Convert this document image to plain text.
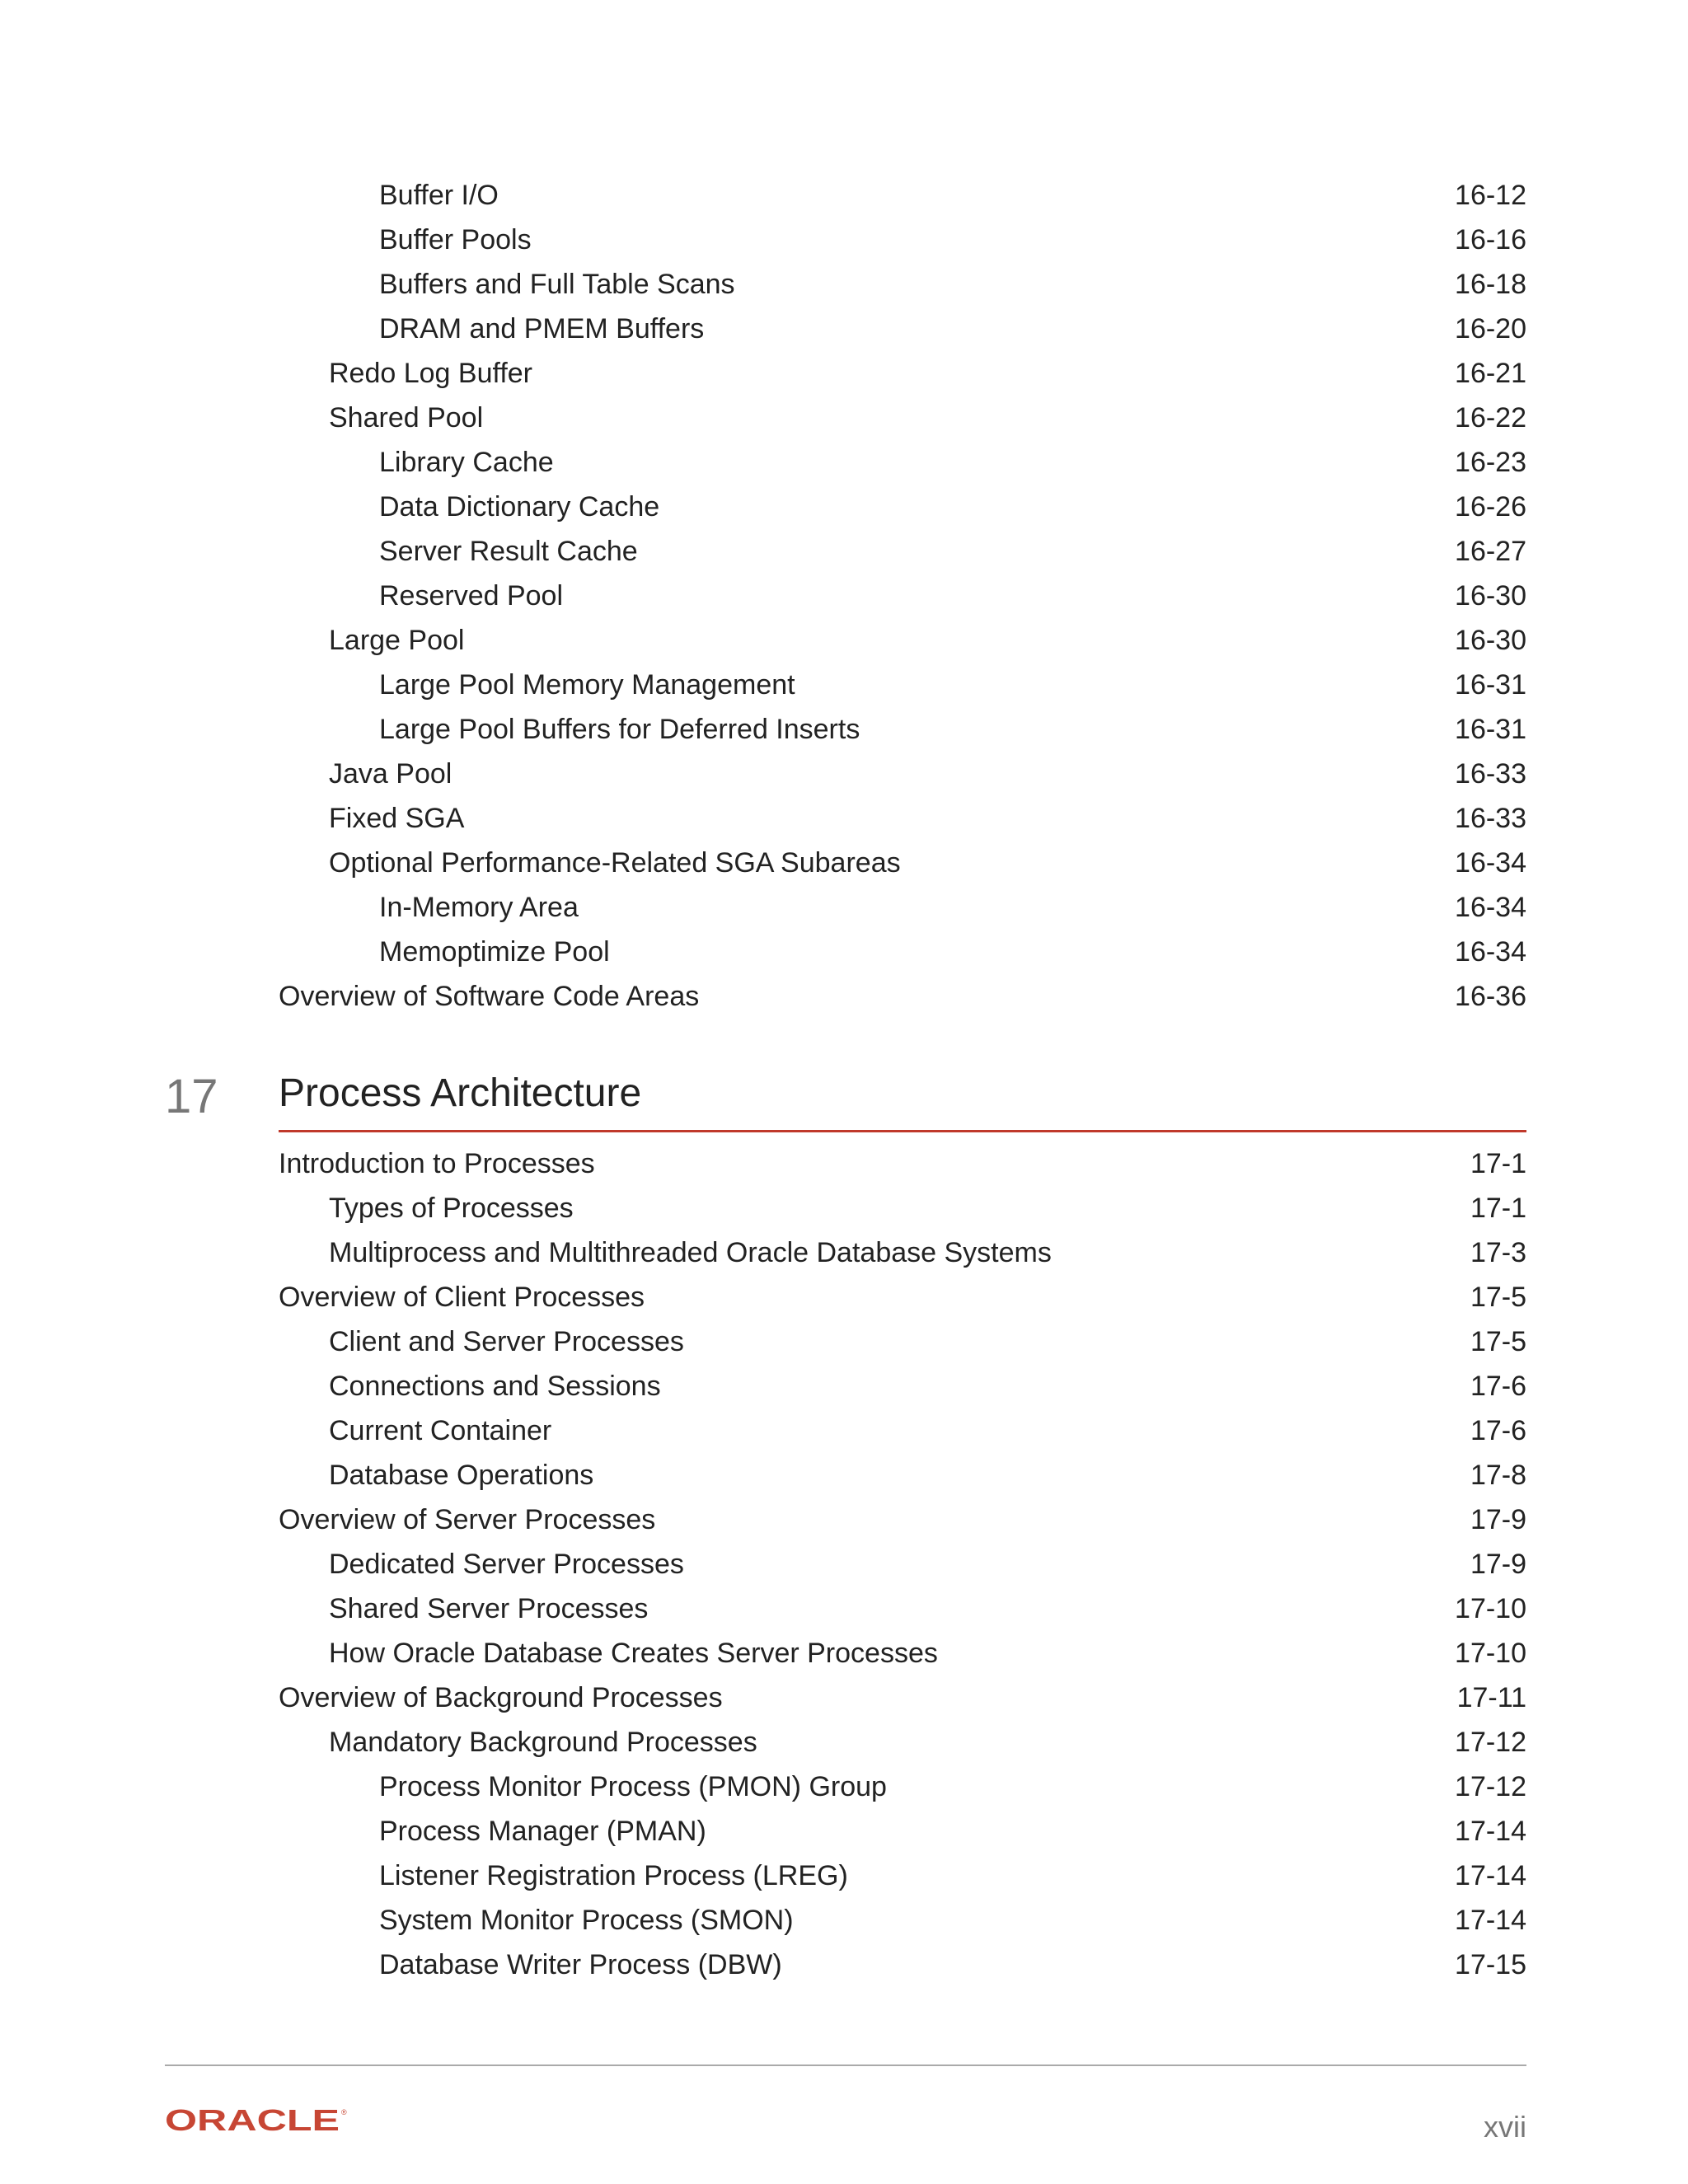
Buffer I/O	16-12
Buffer Pools	16-16
Buffers and Full Table Scans	16-18
DRAM and PMEM Buffers	16-20
Redo Log Buffer	16-21
Shared Pool	16-22
Library Cache	16-23
Data Dictionary Cache	16-26
Server Result Cache	16-27
Reserved Pool	16-30
Large Pool	16-30
Large Pool Memory Management	16-31
Large Pool Buffers for Deferred Inserts	16-31
Java Pool	16-33
Fixed SGA	16-33
Optional Performance-Related SGA Subareas	16-34
In-Memory Area	16-34
Memoptimize Pool	16-34
Overview of Software Code Areas	16-36
17 Process Architecture
Introduction to Processes	17-1
Types of Processes	17-1
Multiprocess and Multithreaded Oracle Database Systems	17-3
Overview of Client Processes	17-5
Client and Server Processes	17-5
Connections and Sessions	17-6
Current Container	17-6
Database Operations	17-8
Overview of Server Processes	17-9
Dedicated Server Processes	17-9
Shared Server Processes	17-10
How Oracle Database Creates Server Processes	17-10
Overview of Background Processes	17-11
Mandatory Background Processes	17-12
Process Monitor Process (PMON) Group	17-12
Process Manager (PMAN)	17-14
Listener Registration Process (LREG)	17-14
System Monitor Process (SMON)	17-14
Database Writer Process (DBW)	17-15
ORACLE ®	xvii
